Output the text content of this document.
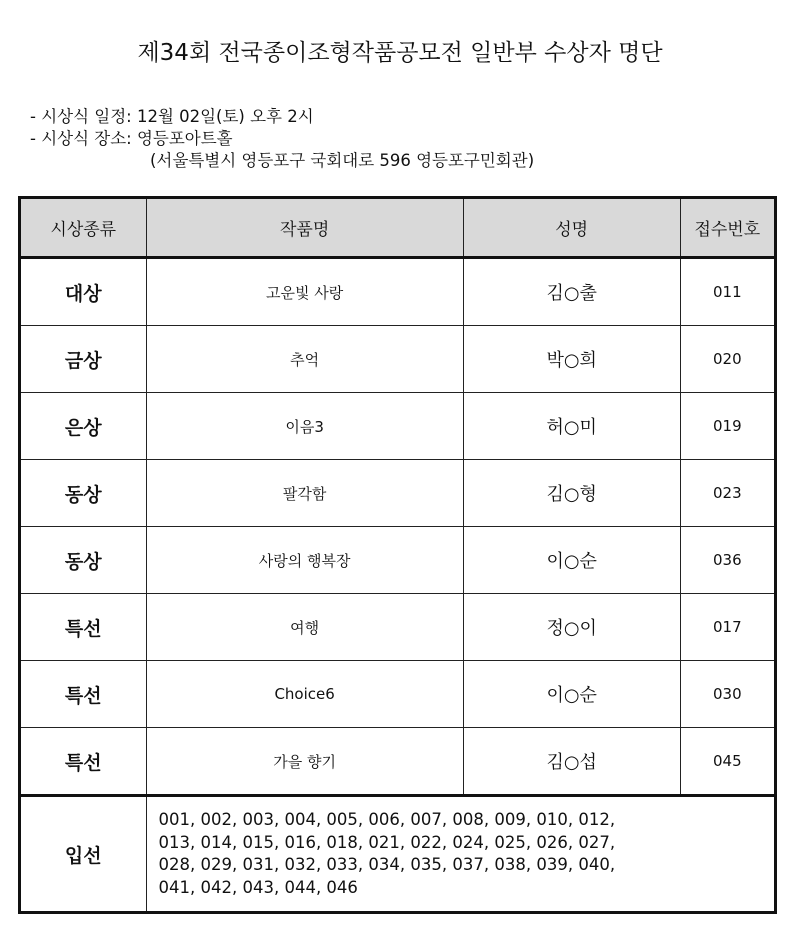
제34회 전국종이조형작품공모전 일반부 수상자 명단
- 시상식 일정: 12월 02일(토) 오후 2시
- 시상식 장소: 영등포아트홀
(서울특별시 영등포구 국회대로 596 영등포구민회관)
시상종류	작품명	성명	접수번호
대상	고운빛 사랑	김○출	011
금상	추억	박○희	020
은상	이음3	허○미	019
동상	팔각함	김○형	023
동상	사랑의 행복장	이○순	036
특선	여행	정○이	017
특선	Choice6	이○순	030
특선	가을 향기	김○섭	045
입선	001, 002, 003, 004, 005, 006, 007, 008, 009, 010, 012,
013, 014, 015, 016, 018, 021, 022, 024, 025, 026, 027,
028, 029, 031, 032, 033, 034, 035, 037, 038, 039, 040,
041, 042, 043, 044, 046		
